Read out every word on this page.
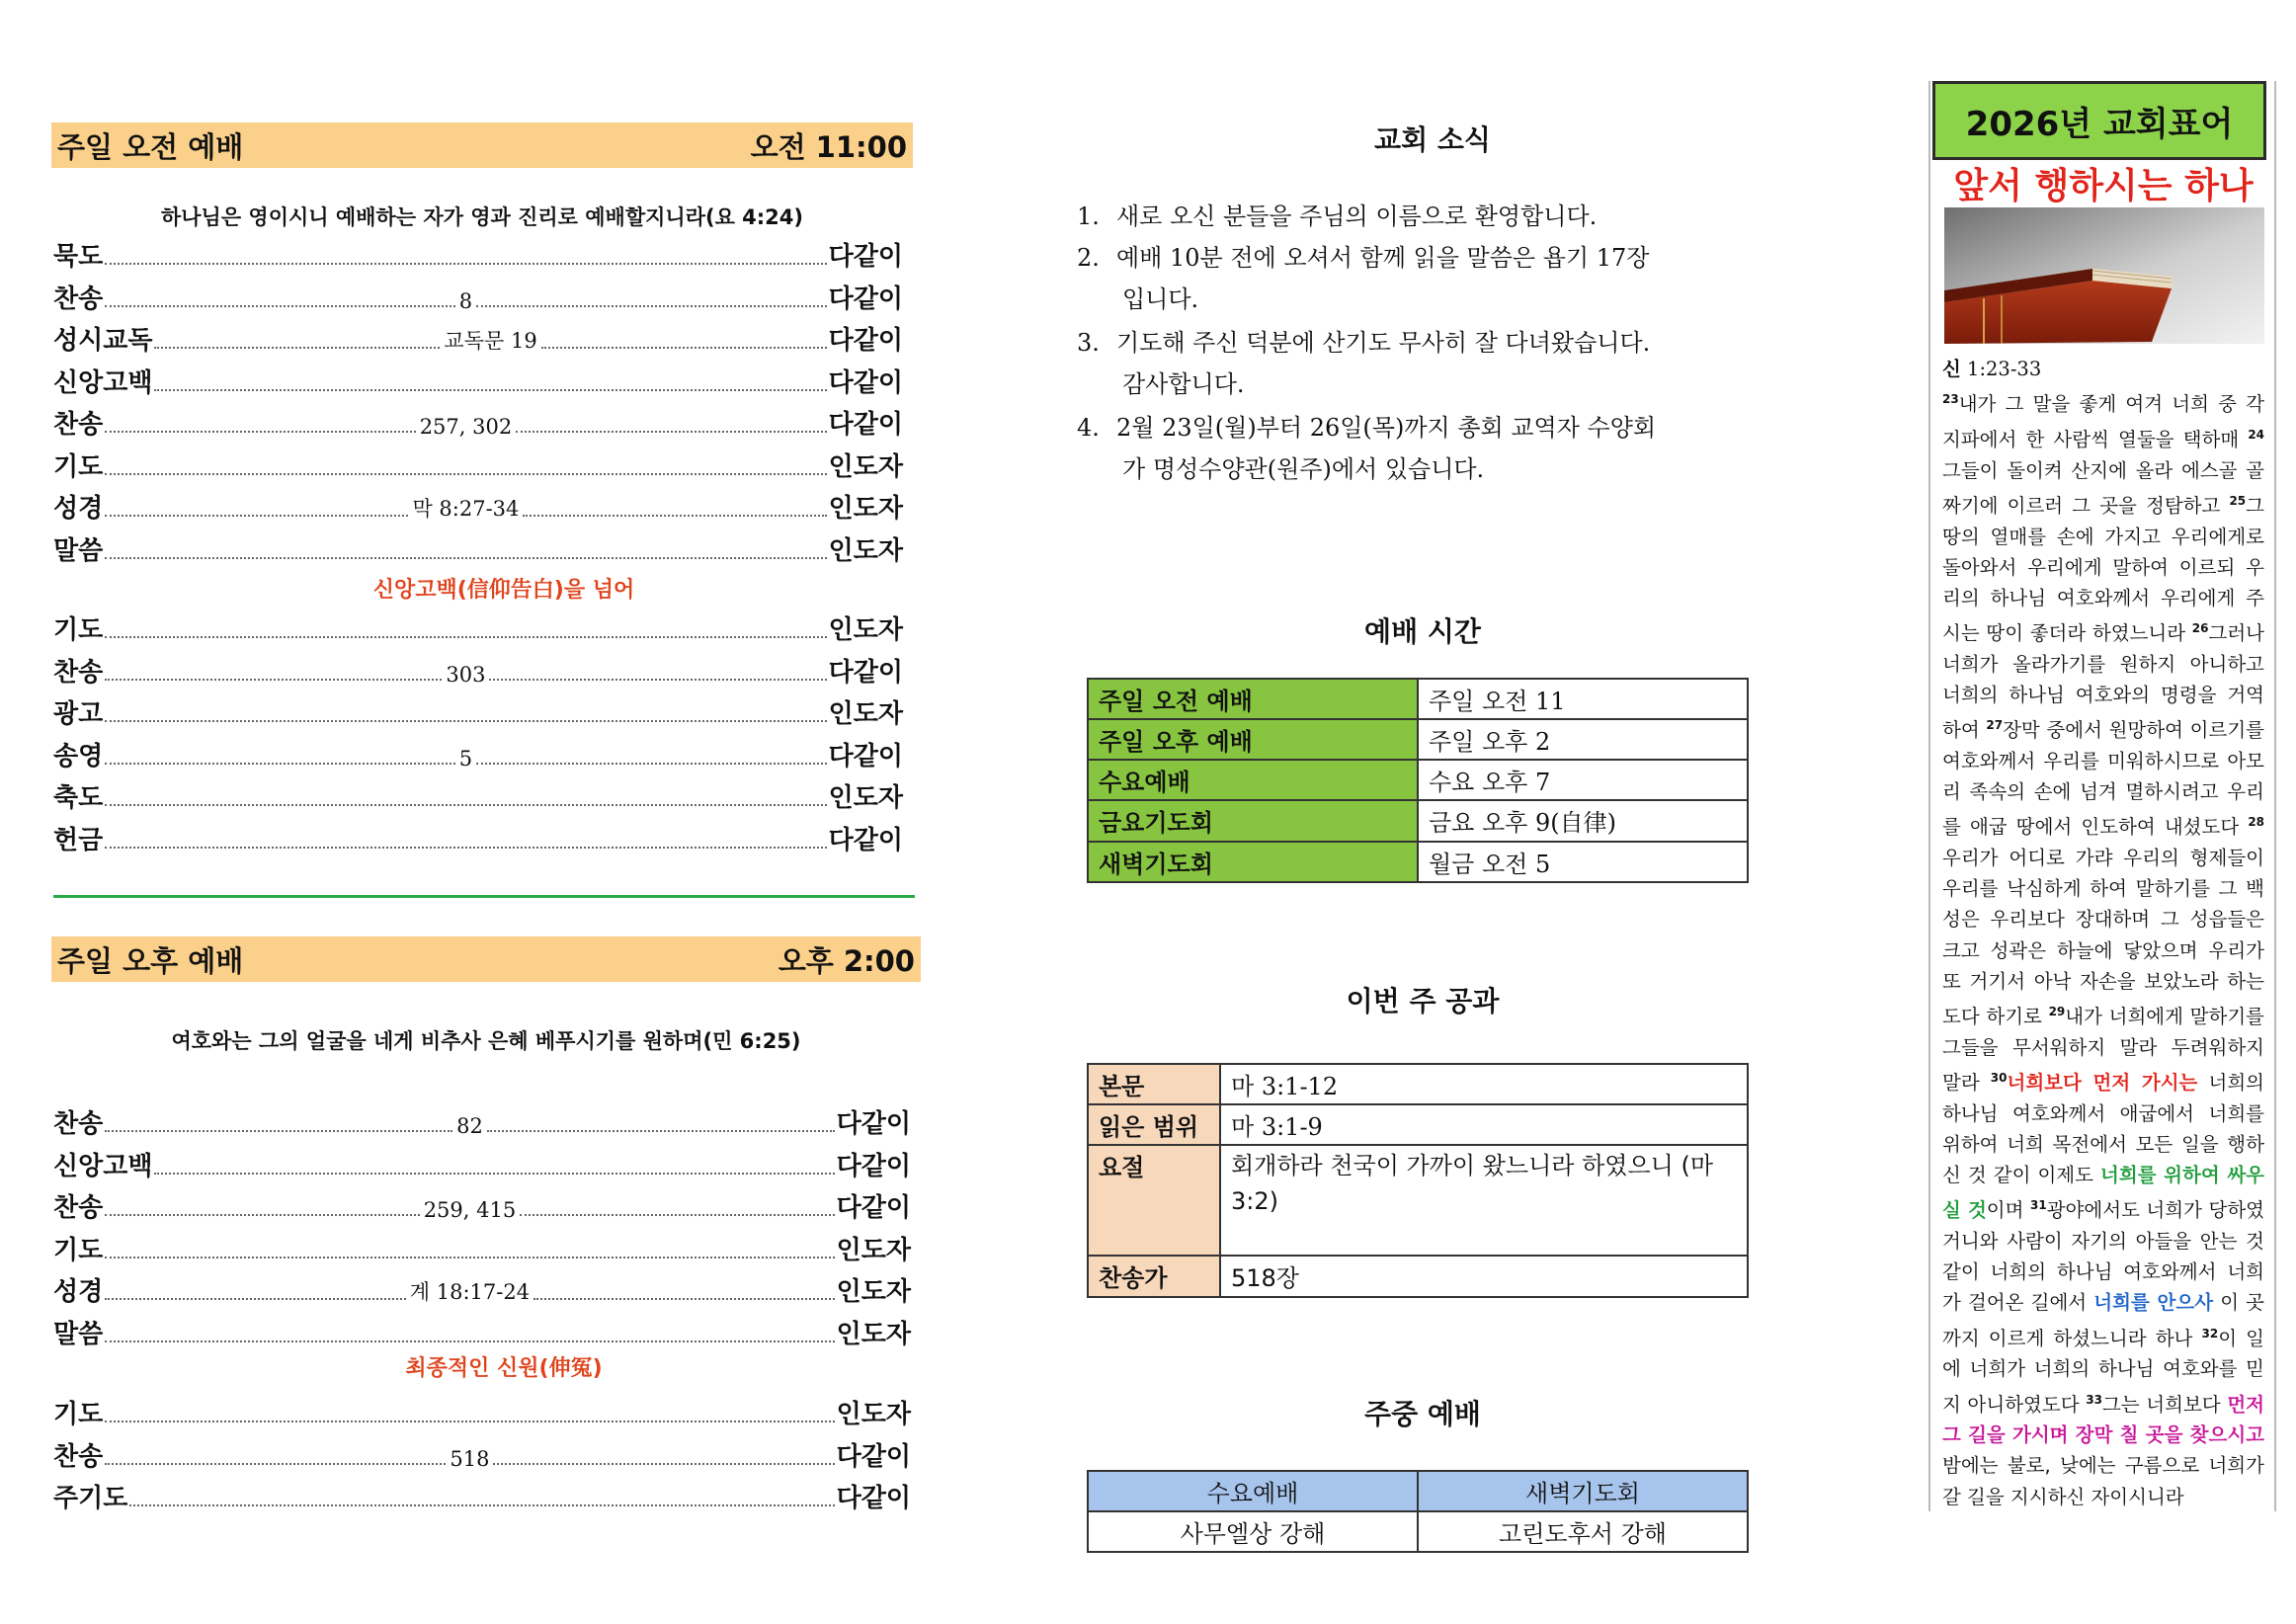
주일 오전 예배	오전 11:00
하나님은 영이시니 예배하는 자가 영과 진리로 예배할지니라(요 4:24)
묵도	다같이
찬송	8	다같이
성시교독	교독문 19	다같이
신앙고백	다같이
찬송	257, 302	다같이
기도	인도자
성경	막 8:27-34	인도자
말씀	인도자
신앙고백(信仰告白)을 넘어
기도	인도자
찬송	303	다같이
광고	인도자
송영	5	다같이
축도	인도자
헌금	다같이
주일 오후 예배	오후 2:00
여호와는 그의 얼굴을 네게 비추사 은혜 베푸시기를 원하며(민 6:25)
찬송	82	다같이
신앙고백	다같이
찬송	259, 415	다같이
기도	인도자
성경	계 18:17-24	인도자
말씀	인도자
최종적인 신원(伸冤)
기도	인도자
찬송	518	다같이
주기도	다같이
교회 소식
1. 새로 오신 분들을 주님의 이름으로 환영합니다.
2. 예배 10분 전에 오셔서 함께 읽을 말씀은 욥기 17장
입니다.
3. 기도해 주신 덕분에 산기도 무사히 잘 다녀왔습니다.
감사합니다.
4. 2월 23일(월)부터 26일(목)까지 총회 교역자 수양회
가 명성수양관(원주)에서 있습니다.
예배 시간
주일 오전 예배	주일 오전 11
주일 오후 예배	주일 오후 2
수요예배	수요 오후 7
금요기도회	금요 오후 9(自律)
새벽기도회	월금 오전 5
이번 주 공과
본문	마 3:1-12
읽은 범위	마 3:1-9
요절	회개하라 천국이 가까이 왔느니라 하였으니 (마 3:2)
찬송가	518장
주중 예배
수요예배	새벽기도회
사무엘상 강해	고린도후서 강해
2026년 교회표어
앞서 행하시는 하나
신 1:23-33
$^{23}$내가 그 말을 좋게 여겨 너희 중 각 지파에서 한 사람씩 열둘을 택하매 $^{24}$그들이 돌이켜 산지에 올라 에스골 골짜기에 이르러 그 곳을 정탐하고 $^{25}$그 땅의 열매를 손에 가지고 우리에게로 돌아와서 우리에게 말하여 이르되 우리의 하나님 여호와께서 우리에게 주시는 땅이 좋더라 하였느니라 $^{26}$그러나 너희가 올라가기를 원하지 아니하고 너희의 하나님 여호와의 명령을 거역하여 $^{27}$장막 중에서 원망하여 이르기를 여호와께서 우리를 미워하시므로 아모리 족속의 손에 넘겨 멸하시려고 우리를 애굽 땅에서 인도하여 내셨도다 $^{28}$우리가 어디로 가랴 우리의 형제들이 우리를 낙심하게 하여 말하기를 그 백성은 우리보다 장대하며 그 성읍들은 크고 성곽은 하늘에 닿았으며 우리가 또 거기서 아낙 자손을 보았노라 하는도다 하기로 $^{29}$내가 너희에게 말하기를 그들을 무서워하지 말라 두려워하지 말라 $^{30}$너희보다 먼저 가시는 너희의 하나님 여호와께서 애굽에서 너희를 위하여 너희 목전에서 모든 일을 행하신 것 같이 이제도 너희를 위하여 싸우실 것이며 $^{31}$광야에서도 너희가 당하였거니와 사람이 자기의 아들을 안는 것 같이 너희의 하나님 여호와께서 너희가 걸어온 길에서 너희를 안으사 이 곳까지 이르게 하셨느니라 하나 $^{32}$이 일에 너희가 너희의 하나님 여호와를 믿지 아니하였도다 $^{33}$그는 너희보다 먼저 그 길을 가시며 장막 칠 곳을 찾으시고 밤에는 불로, 낮에는 구름으로 너희가 갈 길을 지시하신 자이시니라
